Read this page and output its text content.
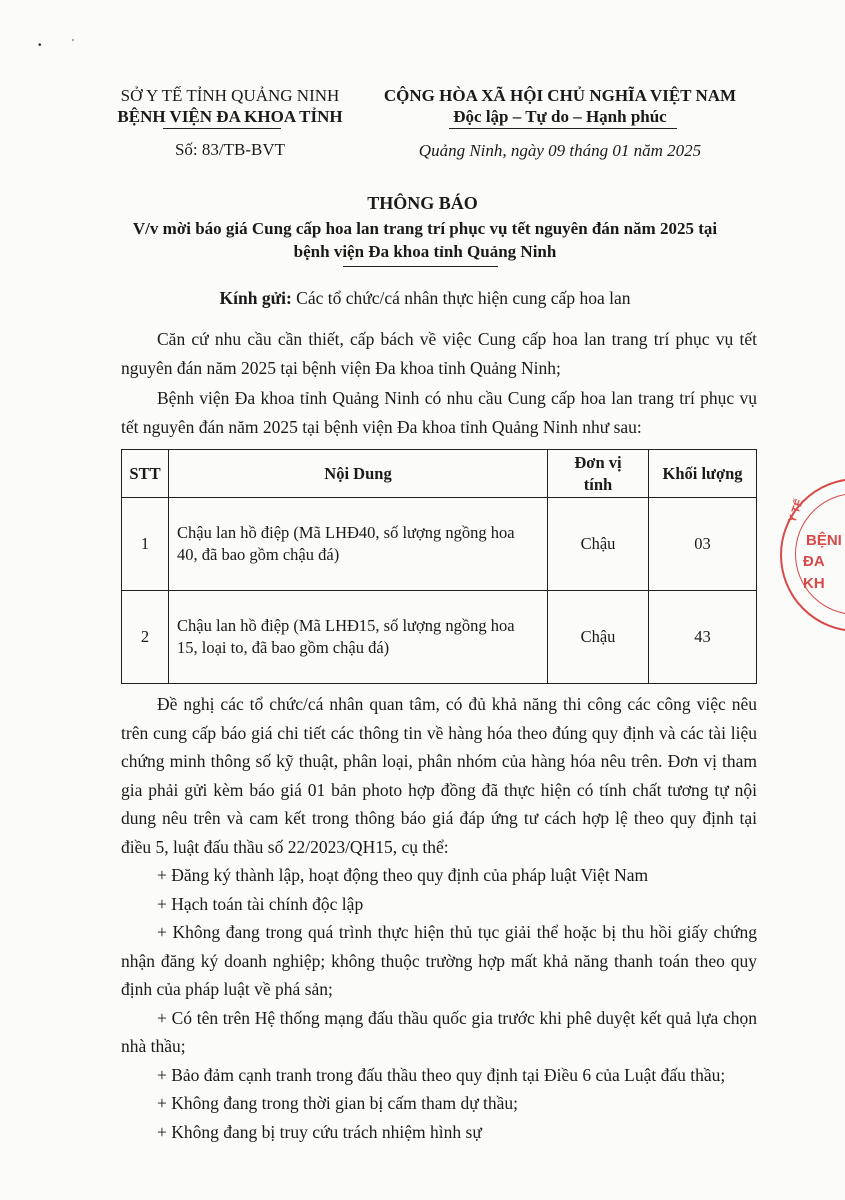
•	'
SỞ Y TẾ TỈNH QUẢNG NINH
BỆNH VIỆN ĐA KHOA TỈNH
Số: 83/TB-BVT
CỘNG HÒA XÃ HỘI CHỦ NGHĨA VIỆT NAM
Độc lập – Tự do – Hạnh phúc
Quảng Ninh, ngày 09 tháng 01 năm 2025
THÔNG BÁO
V/v mời báo giá Cung cấp hoa lan trang trí phục vụ tết nguyên đán năm 2025 tại
bệnh viện Đa khoa tỉnh Quảng Ninh
Kính gửi: Các tổ chức/cá nhân thực hiện cung cấp hoa lan

Căn cứ nhu cầu cần thiết, cấp bách về việc Cung cấp hoa lan trang trí phục vụ tết nguyên đán năm 2025 tại bệnh viện Đa khoa tỉnh Quảng Ninh;

Bệnh viện Đa khoa tỉnh Quảng Ninh có nhu cầu Cung cấp hoa lan trang trí phục vụ tết nguyên đán năm 2025 tại bệnh viện Đa khoa tỉnh Quảng Ninh như sau:

STT	Nội Dung	Đơn vị tính	Khối lượng
1	Chậu lan hồ điệp (Mã LHĐ40, số lượng ngồng hoa 40, đã bao gồm chậu đá)	Chậu	03
2	Chậu lan hồ điệp (Mã LHĐ15, số lượng ngồng hoa 15, loại to, đã bao gồm chậu đá)	Chậu	43

Đề nghị các tổ chức/cá nhân quan tâm, có đủ khả năng thi công các công việc nêu trên cung cấp báo giá chi tiết các thông tin về hàng hóa theo đúng quy định và các tài liệu chứng minh thông số kỹ thuật, phân loại, phân nhóm của hàng hóa nêu trên. Đơn vị tham gia phải gửi kèm báo giá 01 bản photo hợp đồng đã thực hiện có tính chất tương tự nội dung nêu trên và cam kết trong thông báo giá đáp ứng tư cách hợp lệ theo quy định tại điều 5, luật đấu thầu số 22/2023/QH15, cụ thể:

+ Đăng ký thành lập, hoạt động theo quy định của pháp luật Việt Nam

+ Hạch toán tài chính độc lập

+ Không đang trong quá trình thực hiện thủ tục giải thể hoặc bị thu hồi giấy chứng nhận đăng ký doanh nghiệp; không thuộc trường hợp mất khả năng thanh toán theo quy định của pháp luật về phá sản;

+ Có tên trên Hệ thống mạng đấu thầu quốc gia trước khi phê duyệt kết quả lựa chọn nhà thầu;

+ Bảo đảm cạnh tranh trong đấu thầu theo quy định tại Điều 6 của Luật đấu thầu;

+ Không đang trong thời gian bị cấm tham dự thầu;

+ Không đang bị truy cứu trách nhiệm hình sự

BỆNI
ĐA KH
Y TẾ
